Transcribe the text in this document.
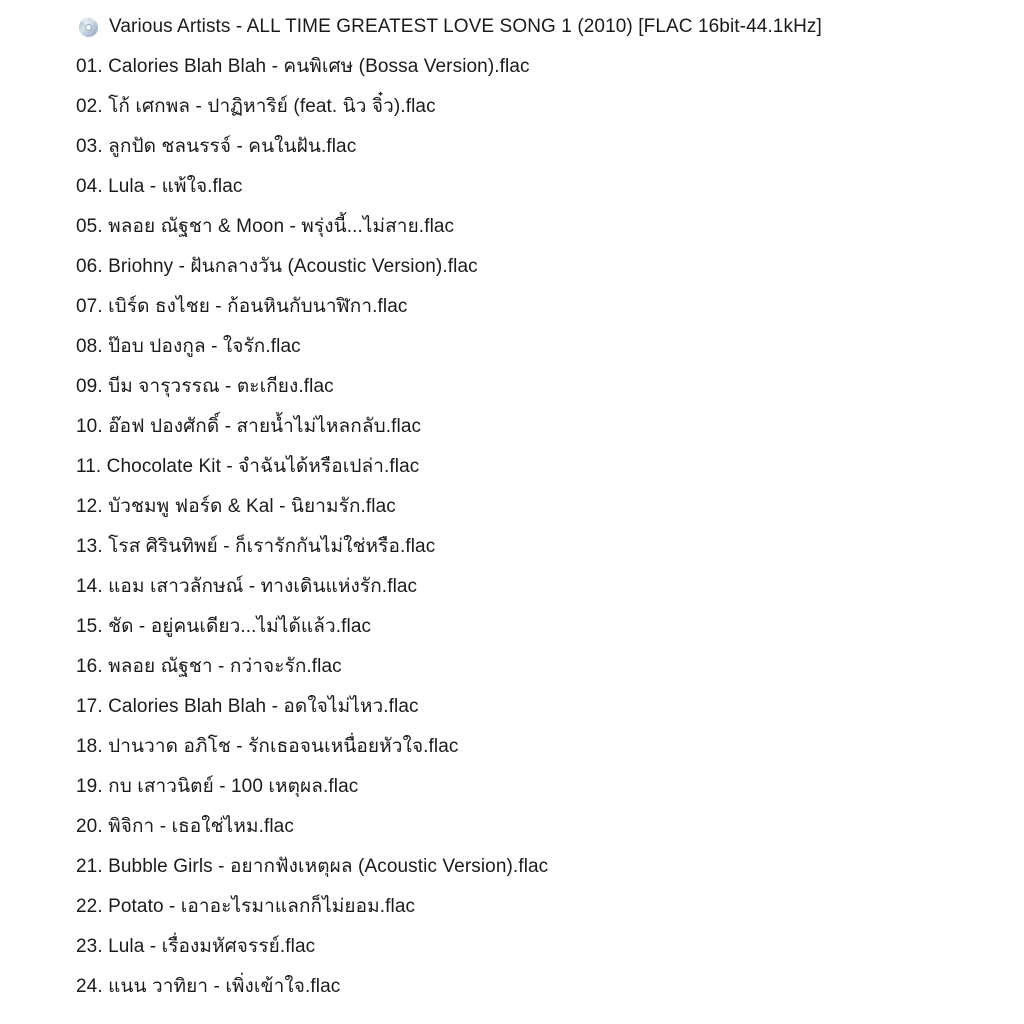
Various Artists - ALL TIME GREATEST LOVE SONG 1 (2010) [FLAC 16bit-44.1kHz]
01. Calories Blah Blah - คนพิเศษ (Bossa Version).flac
02. โก้ เศกพล - ปาฏิหาริย์ (feat. นิว จิ๋ว).flac
03. ลูกปัด ชลนรรจ์ - คนในฝัน.flac
04. Lula - แพ้ใจ.flac
05. พลอย ณัฐชา & Moon - พรุ่งนี้...ไม่สาย.flac
06. Briohny - ฝันกลางวัน (Acoustic Version).flac
07. เบิร์ด ธงไชย - ก้อนหินกับนาฬิกา.flac
08. ป๊อบ ปองกูล - ใจรัก.flac
09. บีม จารุวรรณ - ตะเกียง.flac
10. อ๊อฟ ปองศักดิ์ - สายน้ำไม่ไหลกลับ.flac
11. Chocolate Kit - จำฉันได้หรือเปล่า.flac
12. บัวชมพู ฟอร์ด & Kal - นิยามรัก.flac
13. โรส ศิรินทิพย์ - ก็เรารักกันไม่ใช่หรือ.flac
14. แอม เสาวลักษณ์ - ทางเดินแห่งรัก.flac
15. ชัด - อยู่คนเดียว...ไม่ได้แล้ว.flac
16. พลอย ณัฐชา - กว่าจะรัก.flac
17. Calories Blah Blah - อดใจไม่ไหว.flac
18. ปานวาด อภิโช - รักเธอจนเหนื่อยหัวใจ.flac
19. กบ เสาวนิตย์ - 100 เหตุผล.flac
20. พิจิกา - เธอใช่ไหม.flac
21. Bubble Girls - อยากฟังเหตุผล (Acoustic Version).flac
22. Potato - เอาอะไรมาแลกก็ไม่ยอม.flac
23. Lula - เรื่องมหัศจรรย์.flac
24. แนน วาทิยา - เพิ่งเข้าใจ.flac
